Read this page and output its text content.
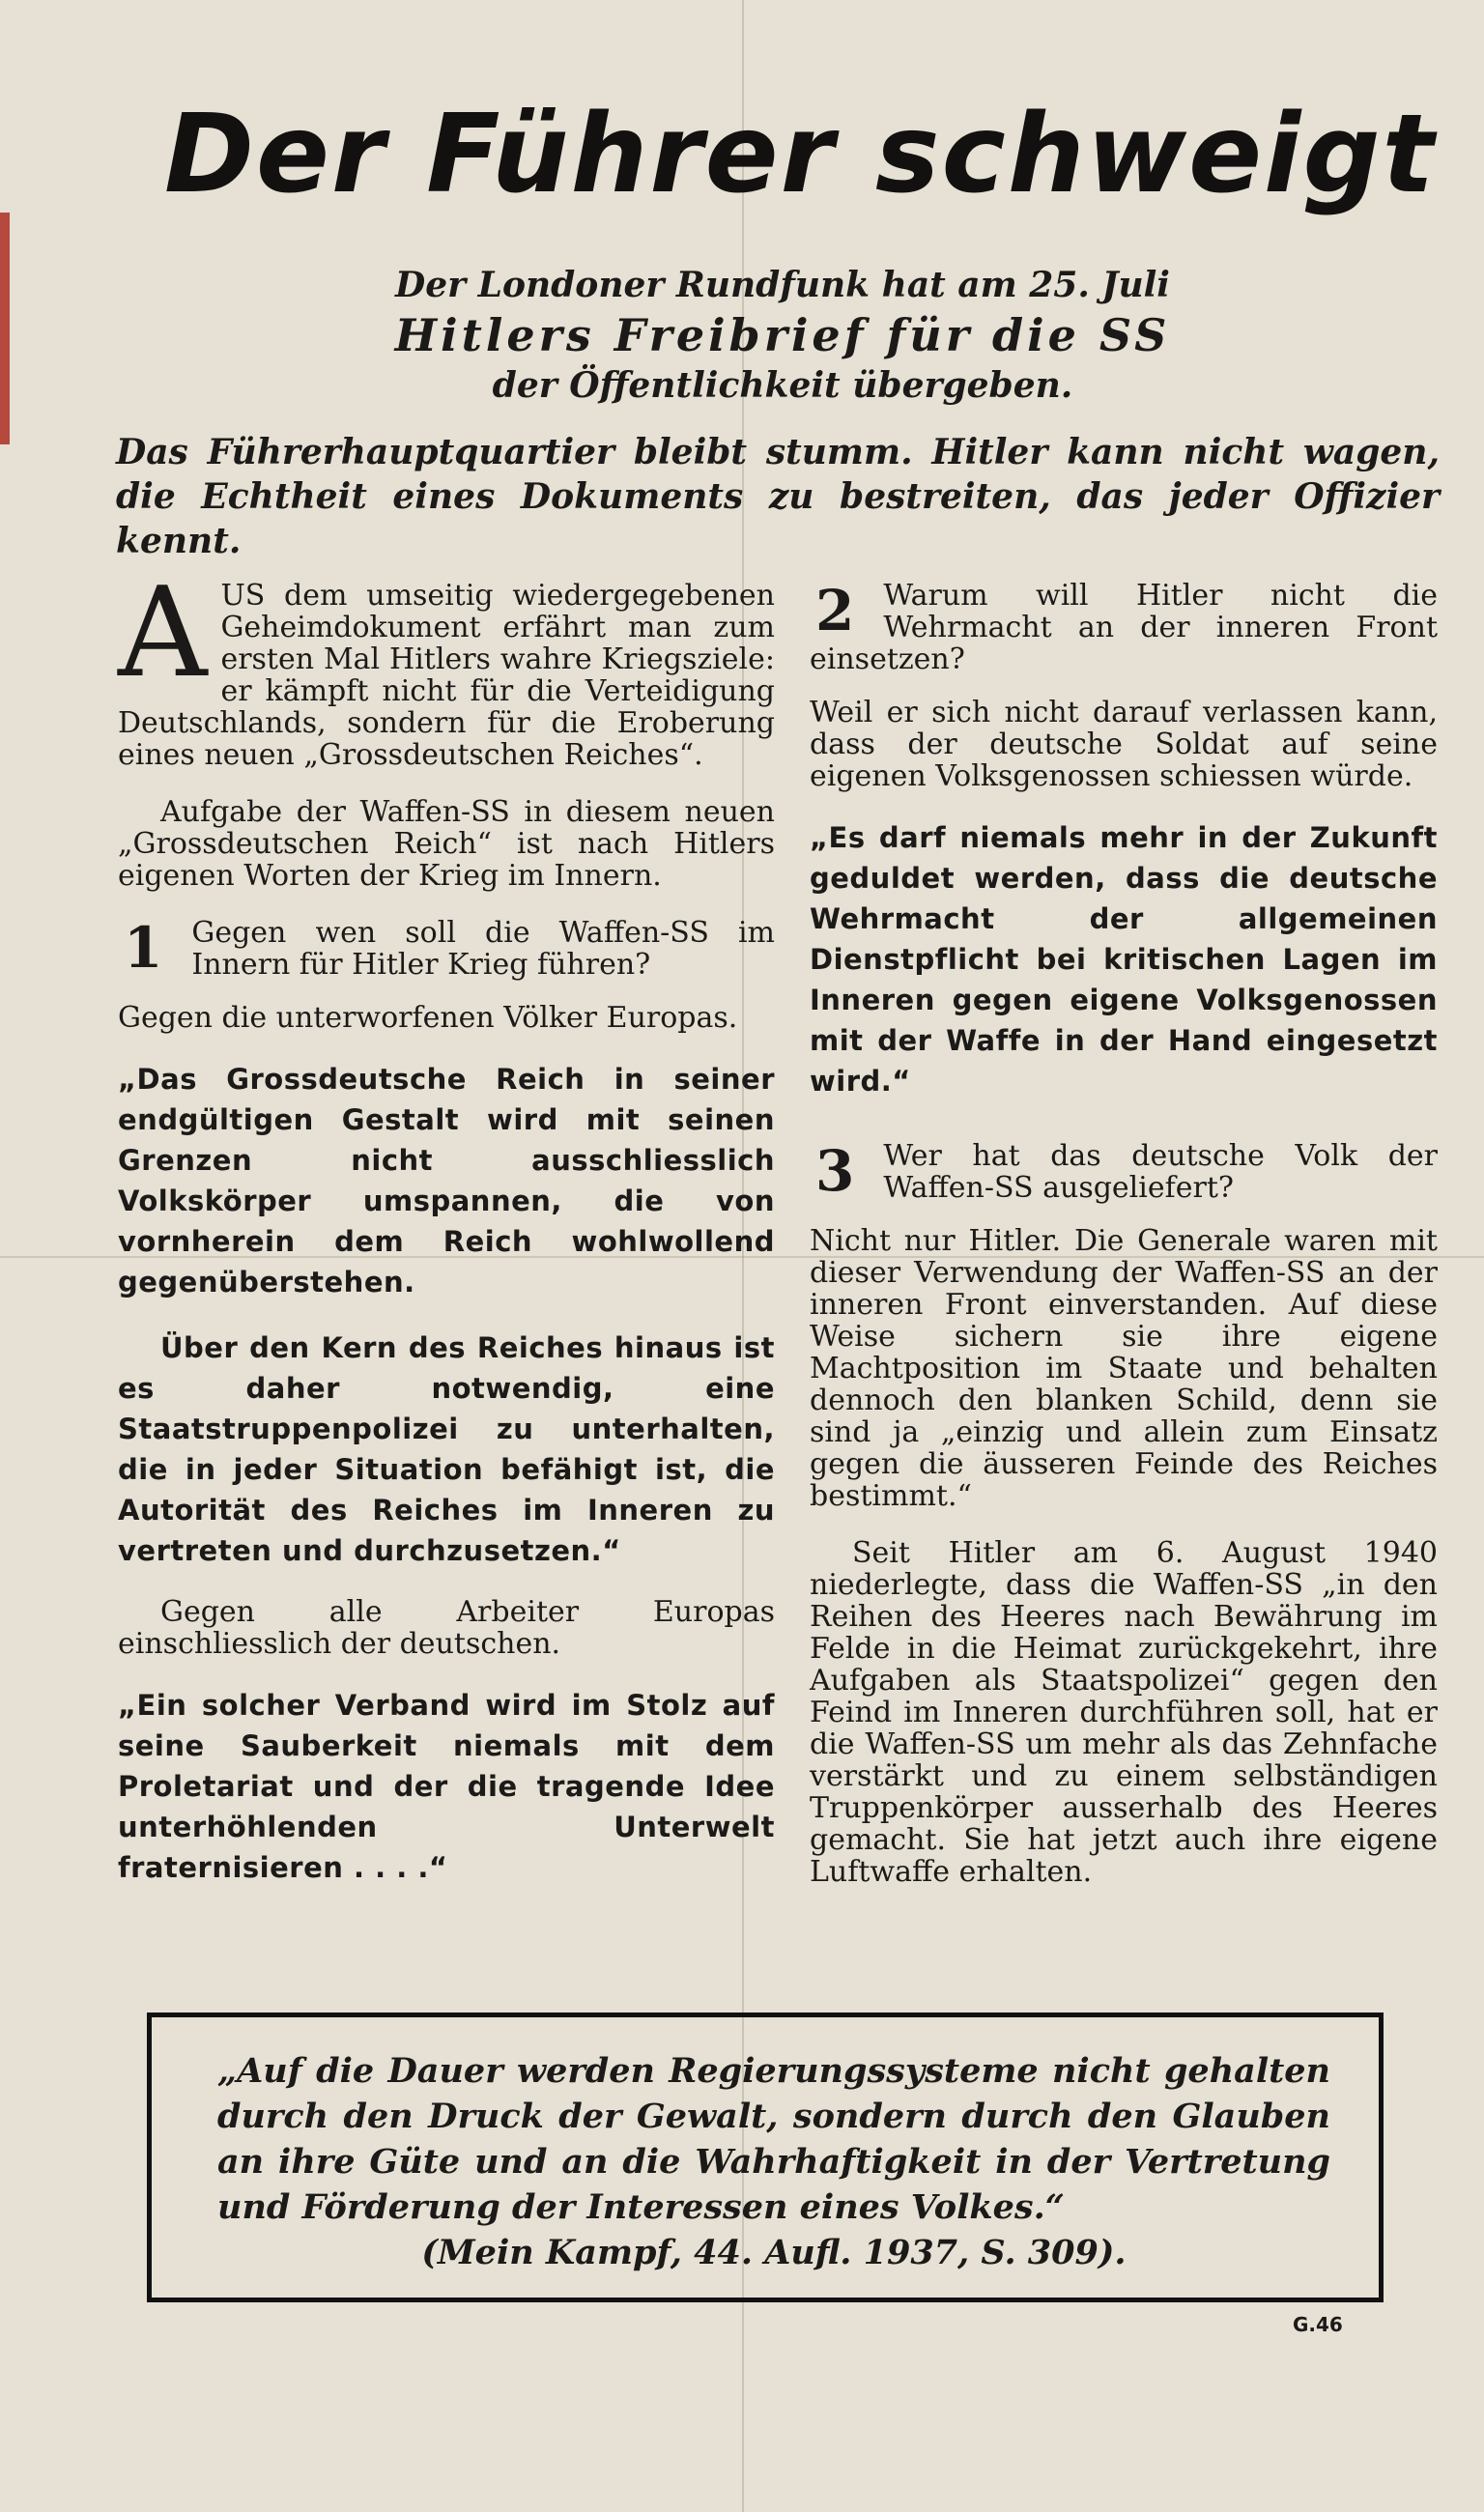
Der Führer schweigt
Der Londoner Rundfunk hat am 25. Juli
Hitlers Freibrief für die SS
der Öffentlichkeit übergeben.
Das Führerhauptquartier bleibt stumm. Hitler kann nicht wagen, die Echtheit eines Dokuments zu bestreiten, das jeder Offizier kennt.

AUS dem umseitig wiedergegebenen Geheimdokument erfährt man zum ersten Mal Hitlers wahre Kriegsziele: er kämpft nicht für die Verteidigung Deutschlands, sondern für die Eroberung eines neuen „Grossdeutschen Reiches“.

Aufgabe der Waffen-SS in diesem neuen „Grossdeutschen Reich“ ist nach Hitlers eigenen Worten der Krieg im Innern.

1	Gegen wen soll die Waffen-SS im Innern für Hitler Krieg führen?

Gegen die unterworfenen Völker Europas.

„Das Grossdeutsche Reich in seiner endgültigen Gestalt wird mit seinen Grenzen nicht ausschliesslich Volkskörper umspannen, die von vornherein dem Reich wohlwollend gegenüberstehen.

Über den Kern des Reiches hinaus ist es daher notwendig, eine Staatstruppenpolizei zu unterhalten, die in jeder Situation befähigt ist, die Autorität des Reiches im Inneren zu vertreten und durchzusetzen.“

Gegen alle Arbeiter Europas einschliesslich der deutschen.

„Ein solcher Verband wird im Stolz auf seine Sauberkeit niemals mit dem Proletariat und der die tragende Idee unterhöhlenden Unterwelt fraternisieren . . . .“

2	Warum will Hitler nicht die Wehrmacht an der inneren Front einsetzen?

Weil er sich nicht darauf verlassen kann, dass der deutsche Soldat auf seine eigenen Volksgenossen schiessen würde.

„Es darf niemals mehr in der Zukunft geduldet werden, dass die deutsche Wehrmacht der allgemeinen Dienstpflicht bei kritischen Lagen im Inneren gegen eigene Volksgenossen mit der Waffe in der Hand eingesetzt wird.“

3	Wer hat das deutsche Volk der Waffen-SS ausgeliefert?

Nicht nur Hitler. Die Generale waren mit dieser Verwendung der Waffen-SS an der inneren Front einverstanden. Auf diese Weise sichern sie ihre eigene Machtposition im Staate und behalten dennoch den blanken Schild, denn sie sind ja „einzig und allein zum Einsatz gegen die äusseren Feinde des Reiches bestimmt.“

Seit Hitler am 6. August 1940 niederlegte, dass die Waffen-SS „in den Reihen des Heeres nach Bewährung im Felde in die Heimat zurückgekehrt, ihre Aufgaben als Staatspolizei“ gegen den Feind im Inneren durchführen soll, hat er die Waffen-SS um mehr als das Zehnfache verstärkt und zu einem selbständigen Truppenkörper ausserhalb des Heeres gemacht. Sie hat jetzt auch ihre eigene Luftwaffe erhalten.

„Auf die Dauer werden Regierungssysteme nicht gehalten durch den Druck der Gewalt, sondern durch den Glauben an ihre Güte und an die Wahrhaftigkeit in der Vertretung und Förderung der Interessen eines Volkes.“

(Mein Kampf, 44. Aufl. 1937, S. 309).

G.46
